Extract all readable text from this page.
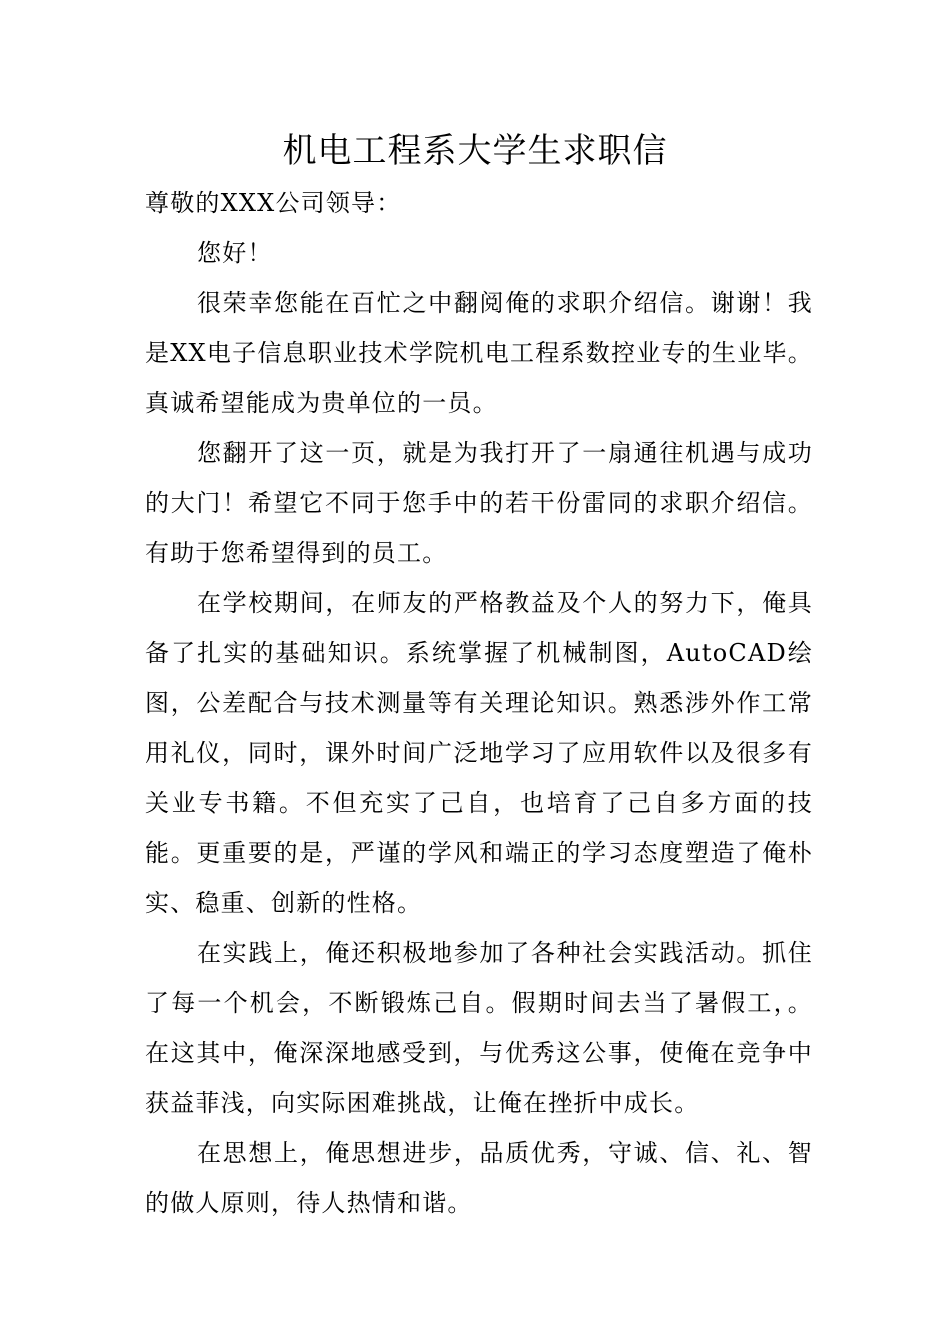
机电工程系大学生求职信

尊敬的XXX公司领导：

您好！

很荣幸您能在百忙之中翻阅俺的求职介绍信。谢谢！我是XX电子信息职业技术学院机电工程系数控业专的生业毕。真诚希望能成为贵单位的一员。

您翻开了这一页，就是为我打开了一扇通往机遇与成功的大门！希望它不同于您手中的若干份雷同的求职介绍信。有助于您希望得到的员工。

在学校期间，在师友的严格教益及个人的努力下，俺具备了扎实的基础知识。系统掌握了机械制图，AutoCAD绘图，公差配合与技术测量等有关理论知识。熟悉涉外作工常用礼仪，同时，课外时间广泛地学习了应用软件以及很多有关业专书籍。不但充实了己自，也培育了己自多方面的技能。更重要的是，严谨的学风和端正的学习态度塑造了俺朴实、稳重、创新的性格。

在实践上，俺还积极地参加了各种社会实践活动。抓住了每一个机会，不断锻炼己自。假期时间去当了暑假工，。在这其中，俺深深地感受到，与优秀这公事，使俺在竞争中获益菲浅，向实际困难挑战，让俺在挫折中成长。

在思想上，俺思想进步，品质优秀，守诚、信、礼、智的做人原则，待人热情和谐。
